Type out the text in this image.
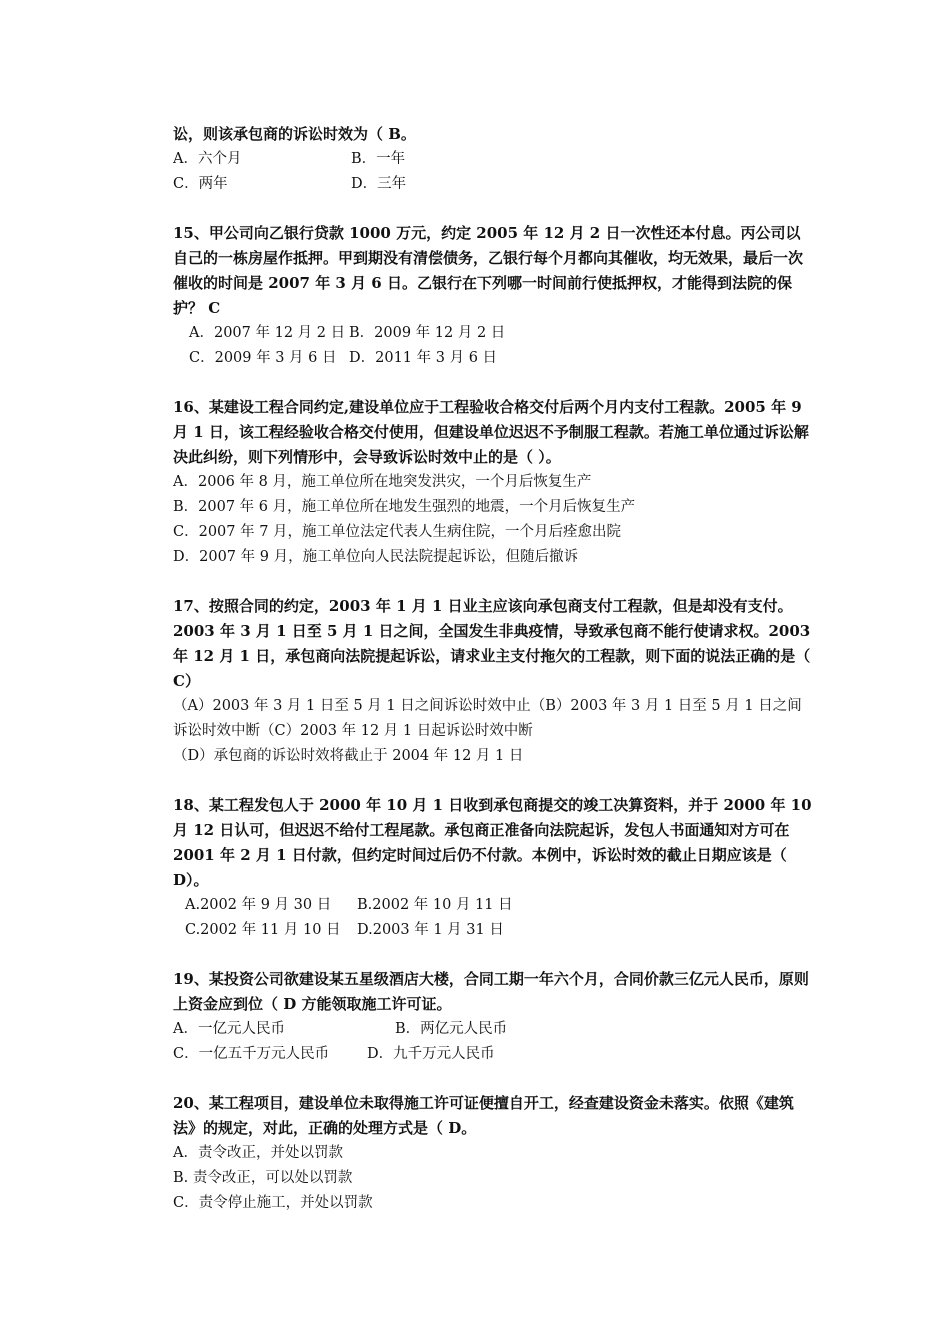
讼，则该承包商的诉讼时效为（ B。

A．六个月	B．一年
C．两年	D．三年

15、甲公司向乙银行贷款 1000 万元，约定 2005 年 12 月 2 日一次性还本付息。丙公司以自己的一栋房屋作抵押。甲到期没有清偿债务，乙银行每个月都向其催收，均无效果，最后一次催收的时间是 2007 年 3 月 6 日。乙银行在下列哪一时间前行使抵押权，才能得到法院的保护？ C

A．2007 年 12 月 2 日 B．2009 年 12 月 2 日
C．2009 年 3 月 6 日 D．2011 年 3 月 6 日

16、某建设工程合同约定,建设单位应于工程验收合格交付后两个月内支付工程款。2005 年 9 月 1 日，该工程经验收合格交付使用，但建设单位迟迟不予制服工程款。若施工单位通过诉讼解决此纠纷，则下列情形中，会导致诉讼时效中止的是（ ）。

A．2006 年 8 月，施工单位所在地突发洪灾，一个月后恢复生产

B．2007 年 6 月，施工单位所在地发生强烈的地震，一个月后恢复生产

C．2007 年 7 月，施工单位法定代表人生病住院，一个月后痊愈出院

D．2007 年 9 月，施工单位向人民法院提起诉讼，但随后撤诉

17、按照合同的约定，2003 年 1 月 1 日业主应该向承包商支付工程款，但是却没有支付。2003 年 3 月 1 日至 5 月 1 日之间，全国发生非典疫情，导致承包商不能行使请求权。2003 年 12 月 1 日，承包商向法院提起诉讼，请求业主支付拖欠的工程款，则下面的说法正确的是（ C）

（A）2003 年 3 月 1 日至 5 月 1 日之间诉讼时效中止（B）2003 年 3 月 1 日至 5 月 1 日之间诉讼时效中断（C）2003 年 12 月 1 日起诉讼时效中断

（D）承包商的诉讼时效将截止于 2004 年 12 月 1 日

18、某工程发包人于 2000 年 10 月 1 日收到承包商提交的竣工决算资料，并于 2000 年 10 月 12 日认可，但迟迟不给付工程尾款。承包商正准备向法院起诉，发包人书面通知对方可在 2001 年 2 月 1 日付款，但约定时间过后仍不付款。本例中，诉讼时效的截止日期应该是（ D）。

A.2002 年 9 月 30 日	B.2002 年 10 月 11 日
C.2002 年 11 月 10 日	D.2003 年 1 月 31 日

19、某投资公司欲建设某五星级酒店大楼，合同工期一年六个月，合同价款三亿元人民币，原则上资金应到位（ D 方能领取施工许可证。

A．一亿元人民币	B．两亿元人民币
C．一亿五千万元人民币	D．九千万元人民币

20、某工程项目，建设单位未取得施工许可证便擅自开工，经查建设资金未落实。依照《建筑法》的规定，对此，正确的处理方式是（ D。

A．责令改正，并处以罚款

B. 责令改正，可以处以罚款

C．责令停止施工，并处以罚款
